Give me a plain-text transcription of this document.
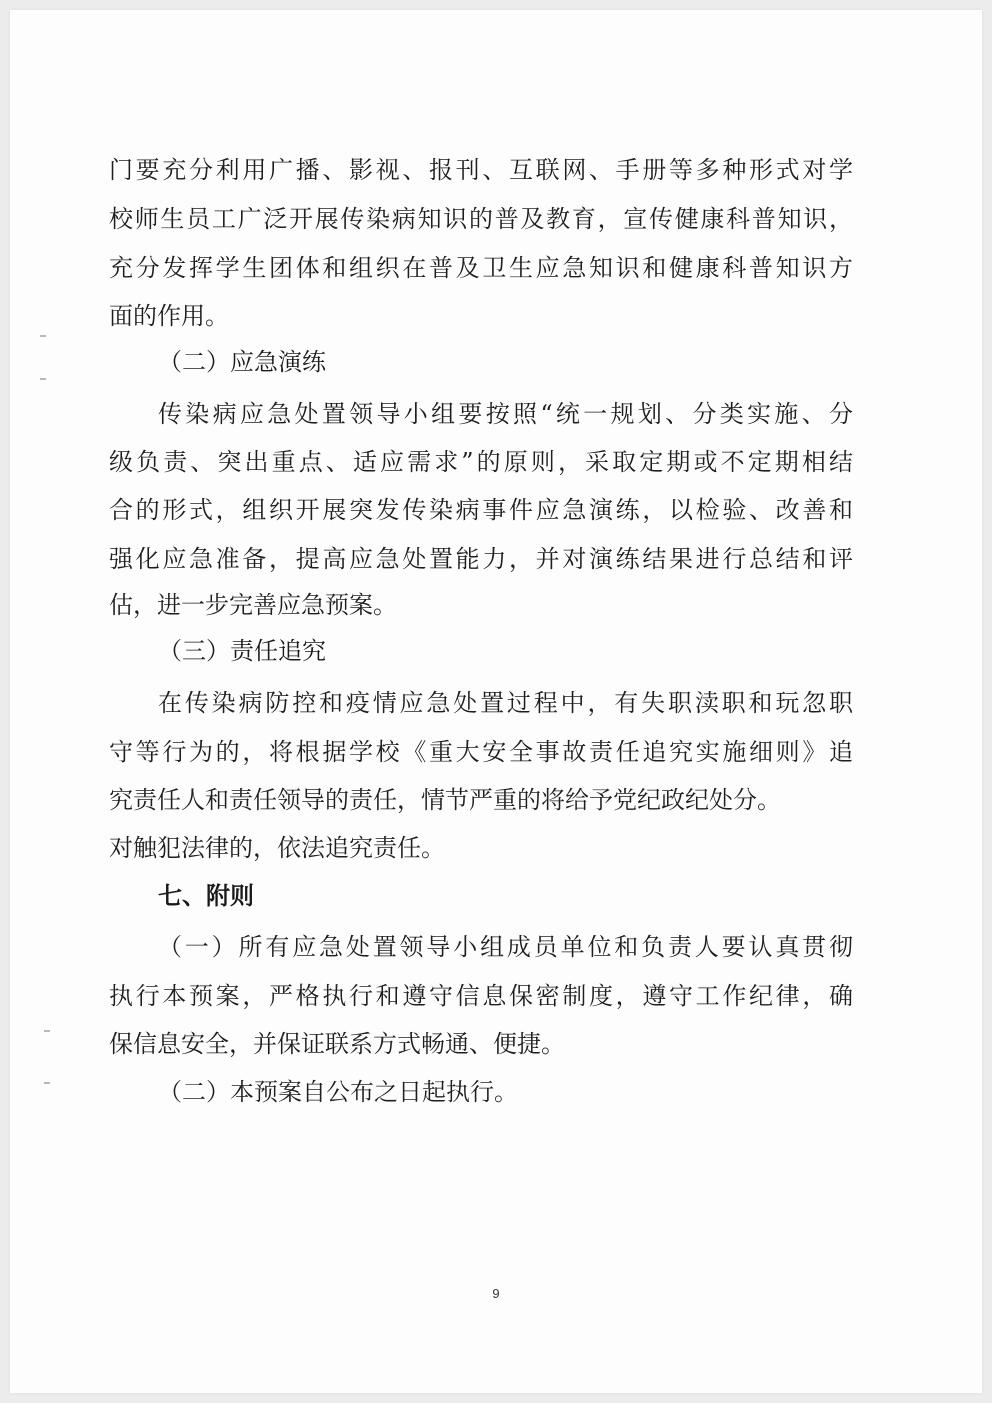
门要充分利用广播、影视、报刊、互联网、手册等多种形式对学
校师生员工广泛开展传染病知识的普及教育，宣传健康科普知识，
充分发挥学生团体和组织在普及卫生应急知识和健康科普知识方
面的作用。
（二）应急演练
传染病应急处置领导小组要按照“统一规划、分类实施、分
级负责、突出重点、适应需求”的原则，采取定期或不定期相结
合的形式，组织开展突发传染病事件应急演练，以检验、改善和
强化应急准备，提高应急处置能力，并对演练结果进行总结和评
估，进一步完善应急预案。
（三）责任追究
在传染病防控和疫情应急处置过程中，有失职渎职和玩忽职
守等行为的，将根据学校《重大安全事故责任追究实施细则》追
究责任人和责任领导的责任，情节严重的将给予党纪政纪处分。
对触犯法律的，依法追究责任。
七、附则
（一）所有应急处置领导小组成员单位和负责人要认真贯彻
执行本预案，严格执行和遵守信息保密制度，遵守工作纪律，确
保信息安全，并保证联系方式畅通、便捷。
（二）本预案自公布之日起执行。
9
